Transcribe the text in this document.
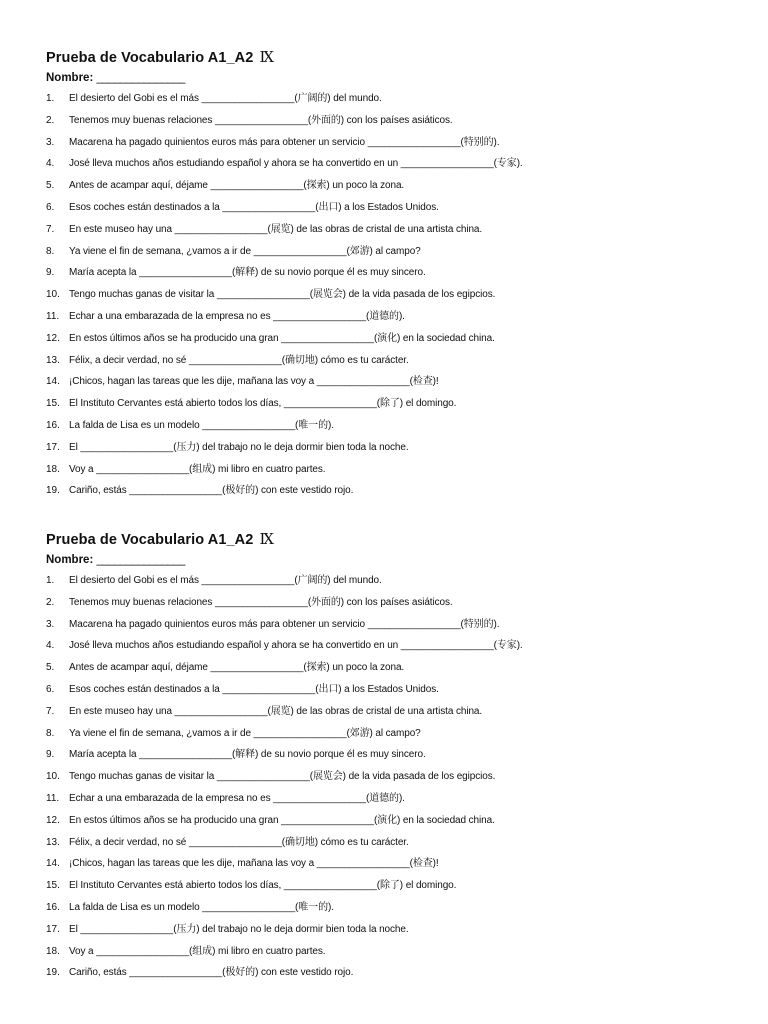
Prueba de Vocabulario A1_A2 Ⅸ
Nombre: _______________
1.	El desierto del Gobi es el más _________________(广阔的) del mundo.
2.	Tenemos muy buenas relaciones _________________(外面的) con los países asiáticos.
3.	Macarena ha pagado quinientos euros más para obtener un servicio _________________(特别的).
4.	José lleva muchos años estudiando español y ahora se ha convertido en un _________________(专家).
5.	Antes de acampar aquí, déjame _________________(探索) un poco la zona.
6.	Esos coches están destinados a la _________________(出口) a los Estados Unidos.
7.	En este museo hay una _________________(展览) de las obras de cristal de una artista china.
8.	Ya viene el fin de semana, ¿vamos a ir de _________________(郊游) al campo?
9.	María acepta la _________________(解释) de su novio porque él es muy sincero.
10. Tengo muchas ganas de visitar la _________________(展览会) de la vida pasada de los egipcios.
11. Echar a una embarazada de la empresa no es _________________(道德的).
12. En estos últimos años se ha producido una gran _________________(演化) en la sociedad china.
13. Félix, a decir verdad, no sé _________________(确切地) cómo es tu carácter.
14. ¡Chicos, hagan las tareas que les dije, mañana las voy a _________________(检查)!
15. El Instituto Cervantes está abierto todos los días, _________________(除了) el domingo.
16. La falda de Lisa es un modelo _________________(唯一的).
17. El _________________(压力) del trabajo no le deja dormir bien toda la noche.
18. Voy a _________________(组成) mi libro en cuatro partes.
19. Cariño, estás _________________(极好的) con este vestido rojo.
Prueba de Vocabulario A1_A2 Ⅸ
Nombre: _______________
1.	El desierto del Gobi es el más _________________(广阔的) del mundo.
2.	Tenemos muy buenas relaciones _________________(外面的) con los países asiáticos.
3.	Macarena ha pagado quinientos euros más para obtener un servicio _________________(特别的).
4.	José lleva muchos años estudiando español y ahora se ha convertido en un _________________(专家).
5.	Antes de acampar aquí, déjame _________________(探索) un poco la zona.
6.	Esos coches están destinados a la _________________(出口) a los Estados Unidos.
7.	En este museo hay una _________________(展览) de las obras de cristal de una artista china.
8.	Ya viene el fin de semana, ¿vamos a ir de _________________(郊游) al campo?
9.	María acepta la _________________(解释) de su novio porque él es muy sincero.
10. Tengo muchas ganas de visitar la _________________(展览会) de la vida pasada de los egipcios.
11. Echar a una embarazada de la empresa no es _________________(道德的).
12. En estos últimos años se ha producido una gran _________________(演化) en la sociedad china.
13. Félix, a decir verdad, no sé _________________(确切地) cómo es tu carácter.
14. ¡Chicos, hagan las tareas que les dije, mañana las voy a _________________(检查)!
15. El Instituto Cervantes está abierto todos los días, _________________(除了) el domingo.
16. La falda de Lisa es un modelo _________________(唯一的).
17. El _________________(压力) del trabajo no le deja dormir bien toda la noche.
18. Voy a _________________(组成) mi libro en cuatro partes.
19. Cariño, estás _________________(极好的) con este vestido rojo.
